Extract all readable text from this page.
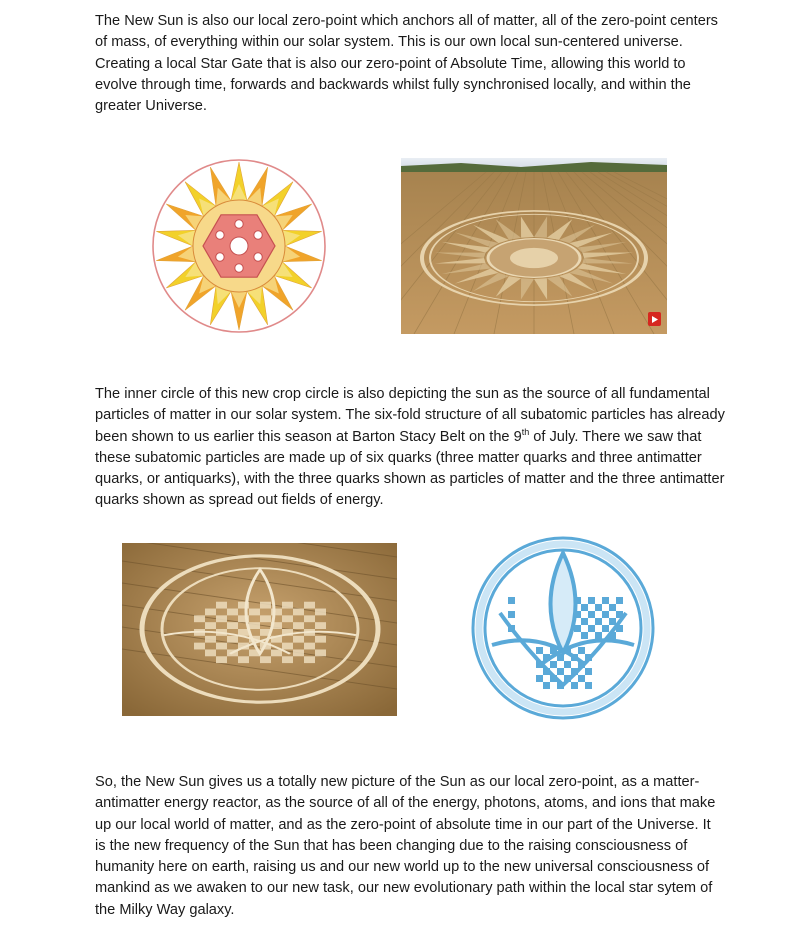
The New Sun is also our local zero-point which anchors all of matter, all of the zero-point centers of mass, of everything within our solar system. This is our own local sun-centered universe. Creating a local Star Gate that is also our zero-point of Absolute Time, allowing this world to evolve through time, forwards and backwards whilst fully synchronised locally, and within the greater Universe.

The inner circle of this new crop circle is also depicting the sun as the source of all fundamental particles of matter in our solar system. The six-fold structure of all subatomic particles has already been shown to us earlier this season at Barton Stacy Belt on the 9th of July. There we saw that these subatomic particles are made up of six quarks (three matter quarks and three antimatter quarks, or antiquarks), with the three quarks shown as particles of matter and the three antimatter quarks shown as spread out fields of energy.

So, the New Sun gives us a totally new picture of the Sun as our local zero-point, as a matter-antimatter energy reactor, as the source of all of the energy, photons, atoms, and ions that make up our local world of matter, and as the zero-point of absolute time in our part of the Universe. It is the new frequency of the Sun that has been changing due to the raising consciousness of humanity here on earth, raising us and our new world up to the new universal consciousness of mankind as we awaken to our new task, our new evolutionary path within the local star sytem of the Milky Way galaxy.
